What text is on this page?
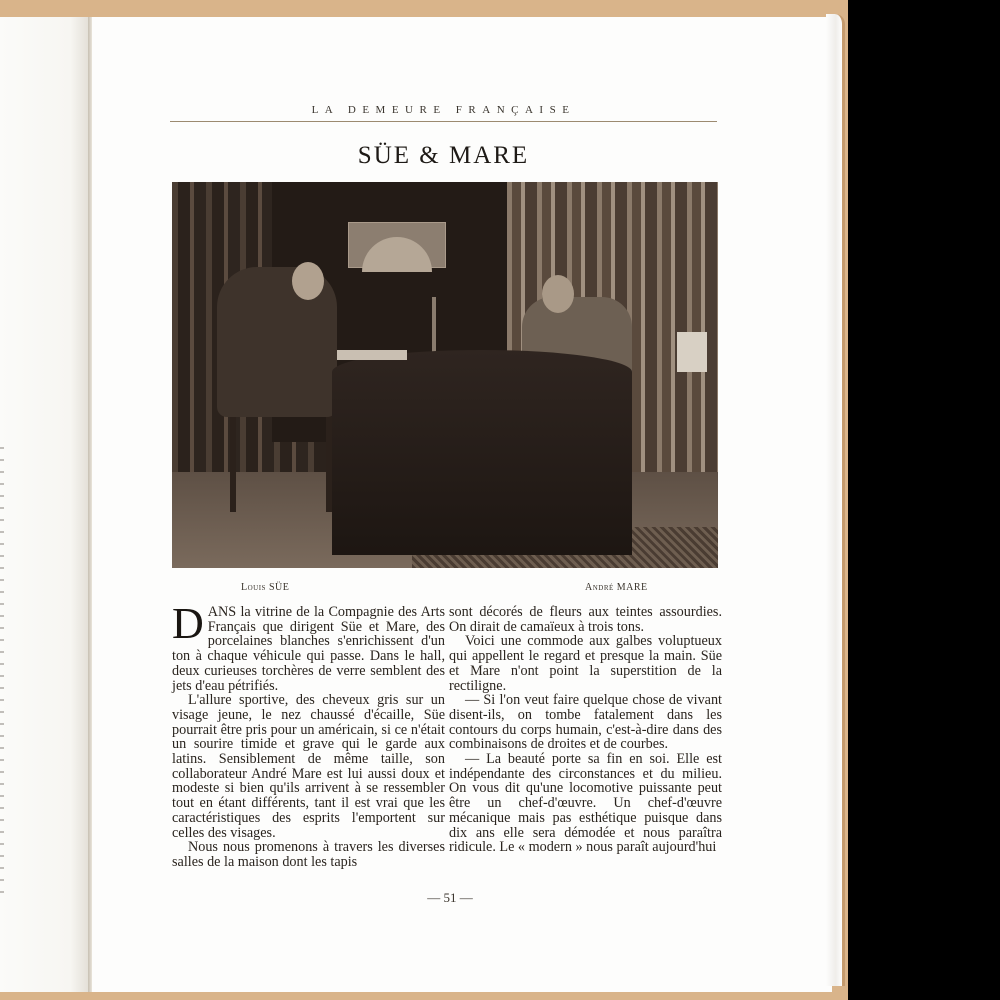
LA DEMEURE FRANÇAISE
SÜE & MARE
Louis SÜE	André MARE

DANS la vitrine de la Compagnie des Arts Français que dirigent Süe et Mare, des porcelaines blanches s'enrichissent d'un ton à chaque véhicule qui passe. Dans le hall, deux curieuses torchères de verre semblent des jets d'eau pétrifiés.

L'allure sportive, des cheveux gris sur un visage jeune, le nez chaussé d'écaille, Süe pourrait être pris pour un américain, si ce n'était un sourire timide et grave qui le garde aux latins. Sensiblement de même taille, son collaborateur André Mare est lui aussi doux et modeste si bien qu'ils arrivent à se ressembler tout en étant différents, tant il est vrai que les caractéristiques des esprits l'emportent sur celles des visages.

Nous nous promenons à travers les diverses salles de la maison dont les tapis

sont décorés de fleurs aux teintes assourdies. On dirait de camaïeux à trois tons.

Voici une commode aux galbes voluptueux qui appellent le regard et presque la main. Süe et Mare n'ont point la superstition de la rectiligne.

— Si l'on veut faire quelque chose de vivant disent-ils, on tombe fatalement dans les contours du corps humain, c'est-à-dire dans des combinaisons de droites et de courbes.

— La beauté porte sa fin en soi. Elle est indépendante des circonstances et du milieu. On vous dit qu'une locomotive puissante peut être un chef-d'œuvre. Un chef-d'œuvre mécanique mais pas esthétique puisque dans dix ans elle sera démodée et nous paraîtra ridicule. Le « modern » nous paraît aujourd'hui

— 51 —
